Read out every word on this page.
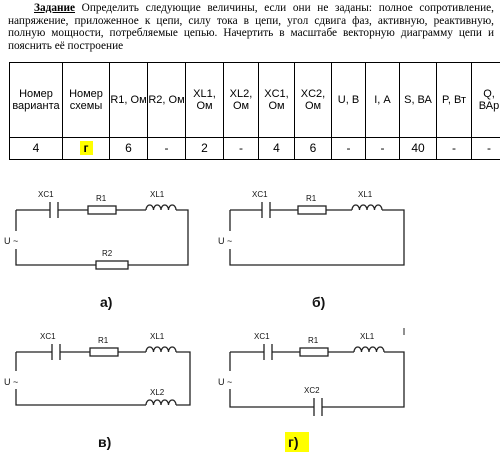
Задание Определить следующие величины, если они не заданы: полное сопротивление, напряжение, приложенное к цепи, силу тока в цепи, угол сдвига фаз, активную, реактивную, полную мощности, потребляемые цепью. Начертить в масштабе векторную диаграмму цепи и пояснить её построение
Номер варианта	Номер схемы	R1, Ом	R2, Ом	XL1, Ом	XL2, Ом	XC1, Ом	XC2, Ом	U, В	I, А	S, ВА	P, Вт	Q, ВАр
4	г	6	-	2	-	4	6	-	-	40	-	-
XC1	R1	XL1
R2
U ~
а)
XC1	R1	XL1
U ~
б)
XC1	R1	XL1
XL2
U ~
в)
XC1	R1	XL1
XC2
U ~
г)
